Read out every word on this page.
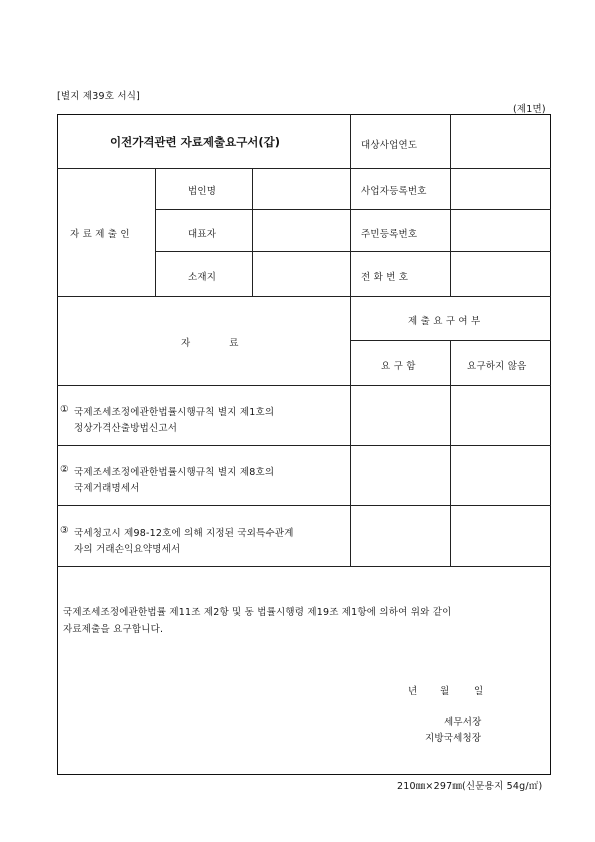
[별지 제39호 서식]
(제1면)
이전가격관련 자료제출요구서(갑)	대상사업연도
자 료 제 출 인
법인명	사업자등록번호
대표자	주민등록번호
소재지	전 화 번 호
자 료
제 출 요 구 여 부
요 구 함	요구하지 않음
① 국제조세조정에관한법률시행규칙 별지 제1호의
정상가격산출방법신고서
② 국제조세조정에관한법률시행규칙 별지 제8호의
국제거래명세서
③ 국세청고시 제98-12호에 의해 지정된 국외특수관계
자의 거래손익요약명세서
국제조세조정에관한법률 제11조 제2항 및 동 법률시행령 제19조 제1항에 의하여 위와 같이
자료제출을 요구합니다.
년 월	일
세무서장
지방국세청장
210㎜×297㎜(신문용지 54g/㎡)
